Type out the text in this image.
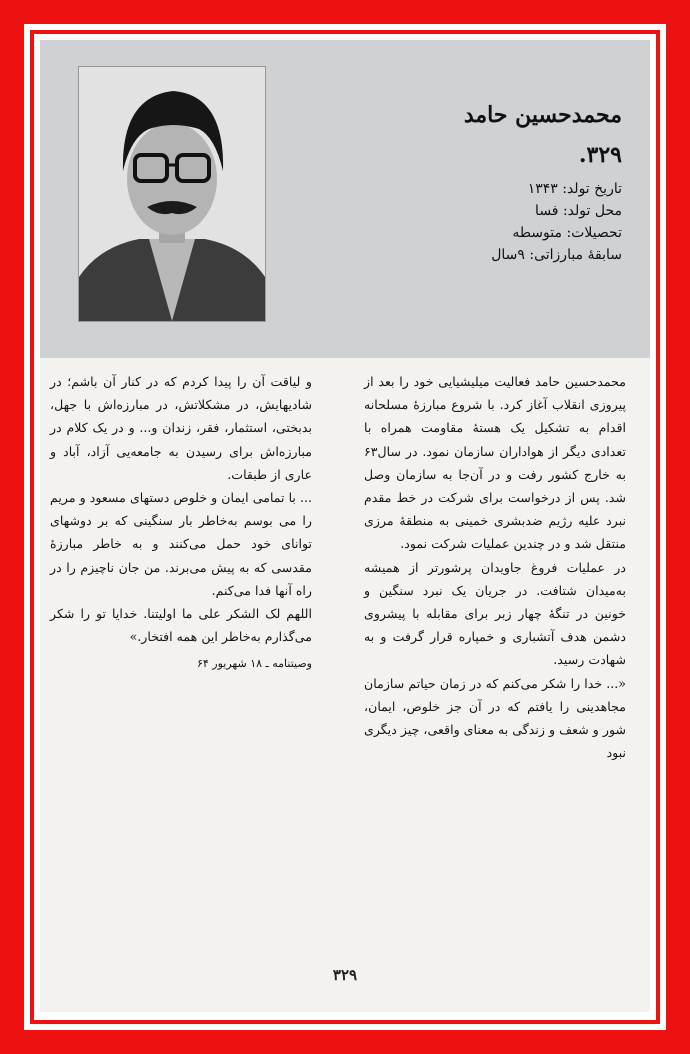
محمدحسین حامد
۳۲۹.
تاریخ تولد: ۱۳۴۳
محل تولد: فسا
تحصیلات: متوسطه
سابقهٔ مبارزاتی: ۹سال

محمدحسین حامد فعالیت میلیشیایی خود را بعد از پیروزی انقلاب آغاز کرد. با شروع مبارزهٔ مسلحانه اقدام به تشکیل یک هستهٔ مقاومت همراه با تعدادی دیگر از هواداران سازمان نمود. در سال۶۳ به خارج کشور رفت و در آن‌جا به سازمان وصل شد. پس از درخواست برای شرکت در خط مقدم نبرد علیه رژیم ضدبشری خمینی به منطقهٔ مرزی منتقل شد و در چندین عملیات شرکت نمود.

در عملیات فروغ جاویدان پرشورتر از همیشه به‌میدان شتافت. در جریان یک نبرد سنگین و خونین در تنگهٔ چهار زبر برای مقابله با پیشروی دشمن هدف آتشباری و خمپاره قرار گرفت و به شهادت رسید.

«... خدا را شکر می‌کنم که در زمان حیاتم سازمان مجاهدینی را یافتم که در آن جز خلوص، ایمان، شور و شعف و زندگی به معنای واقعی، چیز دیگری نبود

و لیاقت آن را پیدا کردم که در کنار آن باشم؛ در شادیهایش، در مشکلاتش، در مبارزه‌اش با جهل، بدبختی، استثمار، فقر، زندان و... و در یک کلام در مبارزه‌اش برای رسیدن به جامعه‌یی آزاد، آباد و عاری از طبقات.

... با تمامی ایمان و خلوص دستهای مسعود و مریم را می بوسم به‌خاطر بار سنگینی که بر دوشهای توانای خود حمل می‌کنند و به خاطر مبارزهٔ مقدسی که به پیش می‌برند. من جان ناچیزم را در راه آنها فدا می‌کنم.

اللهم لک الشکر علی ما اولیتنا. خدایا تو را شکر می‌گذارم به‌خاطر این همه افتخار.»

وصیتنامه ـ ۱۸ شهریور ۶۴

۳۲۹
